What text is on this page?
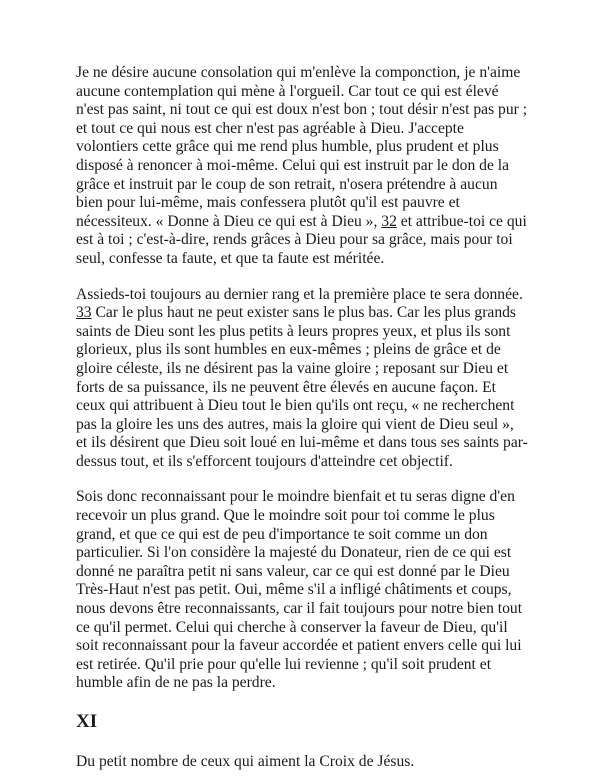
Je ne désire aucune consolation qui m'enlève la componction, je n'aime aucune contemplation qui mène à l'orgueil. Car tout ce qui est élevé n'est pas saint, ni tout ce qui est doux n'est bon ; tout désir n'est pas pur ; et tout ce qui nous est cher n'est pas agréable à Dieu. J'accepte volontiers cette grâce qui me rend plus humble, plus prudent et plus disposé à renoncer à moi-même. Celui qui est instruit par le don de la grâce et instruit par le coup de son retrait, n'osera prétendre à aucun bien pour lui-même, mais confessera plutôt qu'il est pauvre et nécessiteux. « Donne à Dieu ce qui est à Dieu », 32 et attribue-toi ce qui est à toi ; c'est-à-dire, rends grâces à Dieu pour sa grâce, mais pour toi seul, confesse ta faute, et que ta faute est méritée.

Assieds-toi toujours au dernier rang et la première place te sera donnée. 33 Car le plus haut ne peut exister sans le plus bas. Car les plus grands saints de Dieu sont les plus petits à leurs propres yeux, et plus ils sont glorieux, plus ils sont humbles en eux-mêmes ; pleins de grâce et de gloire céleste, ils ne désirent pas la vaine gloire ; reposant sur Dieu et forts de sa puissance, ils ne peuvent être élevés en aucune façon. Et ceux qui attribuent à Dieu tout le bien qu'ils ont reçu, « ne recherchent pas la gloire les uns des autres, mais la gloire qui vient de Dieu seul », et ils désirent que Dieu soit loué en lui-même et dans tous ses saints par-dessus tout, et ils s'efforcent toujours d'atteindre cet objectif.

Sois donc reconnaissant pour le moindre bienfait et tu seras digne d'en recevoir un plus grand. Que le moindre soit pour toi comme le plus grand, et que ce qui est de peu d'importance te soit comme un don particulier. Si l'on considère la majesté du Donateur, rien de ce qui est donné ne paraîtra petit ni sans valeur, car ce qui est donné par le Dieu Très-Haut n'est pas petit. Oui, même s'il a infligé châtiments et coups, nous devons être reconnaissants, car il fait toujours pour notre bien tout ce qu'il permet. Celui qui cherche à conserver la faveur de Dieu, qu'il soit reconnaissant pour la faveur accordée et patient envers celle qui lui est retirée. Qu'il prie pour qu'elle lui revienne ; qu'il soit prudent et humble afin de ne pas la perdre.

XI

Du petit nombre de ceux qui aiment la Croix de Jésus.
